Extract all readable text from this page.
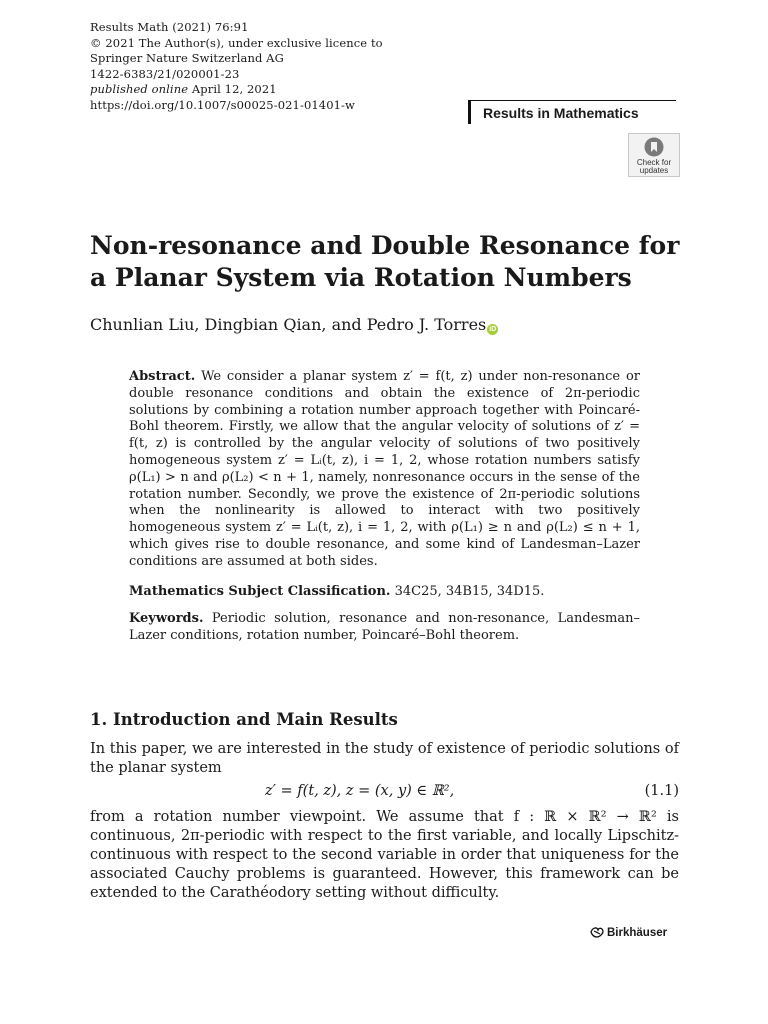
Results Math (2021) 76:91
© 2021 The Author(s), under exclusive licence to
Springer Nature Switzerland AG
1422-6383/21/020001-23
published online April 12, 2021
https://doi.org/10.1007/s00025-021-01401-w
Results in Mathematics
Check for
updates
Non-resonance and Double Resonance for a Planar System via Rotation Numbers
Chunlian Liu, Dingbian Qian, and Pedro J. Torres iD
Abstract. We consider a planar system z′ = f(t, z) under non-resonance or double resonance conditions and obtain the existence of 2π-periodic solutions by combining a rotation number approach together with Poincaré-Bohl theorem. Firstly, we allow that the angular velocity of solutions of z′ = f(t, z) is controlled by the angular velocity of solutions of two positively homogeneous system z′ = Lᵢ(t, z), i = 1, 2, whose rotation numbers satisfy ρ(L₁) > n and ρ(L₂) < n + 1, namely, nonresonance occurs in the sense of the rotation number. Secondly, we prove the existence of 2π-periodic solutions when the nonlinearity is allowed to interact with two positively homogeneous system z′ = Lᵢ(t, z), i = 1, 2, with ρ(L₁) ≥ n and ρ(L₂) ≤ n + 1, which gives rise to double resonance, and some kind of Landesman–Lazer conditions are assumed at both sides.
Mathematics Subject Classification. 34C25, 34B15, 34D15.
Keywords. Periodic solution, resonance and non-resonance, Landesman–Lazer conditions, rotation number, Poincaré–Bohl theorem.
1. Introduction and Main Results
In this paper, we are interested in the study of existence of periodic solutions of the planar system
z′ = f(t, z), z = (x, y) ∈ ℝ²,	(1.1)
from a rotation number viewpoint. We assume that f : ℝ × ℝ² → ℝ² is continuous, 2π-periodic with respect to the first variable, and locally Lipschitz-continuous with respect to the second variable in order that uniqueness for the associated Cauchy problems is guaranteed. However, this framework can be extended to the Carathéodory setting without difficulty.
Birkhäuser
